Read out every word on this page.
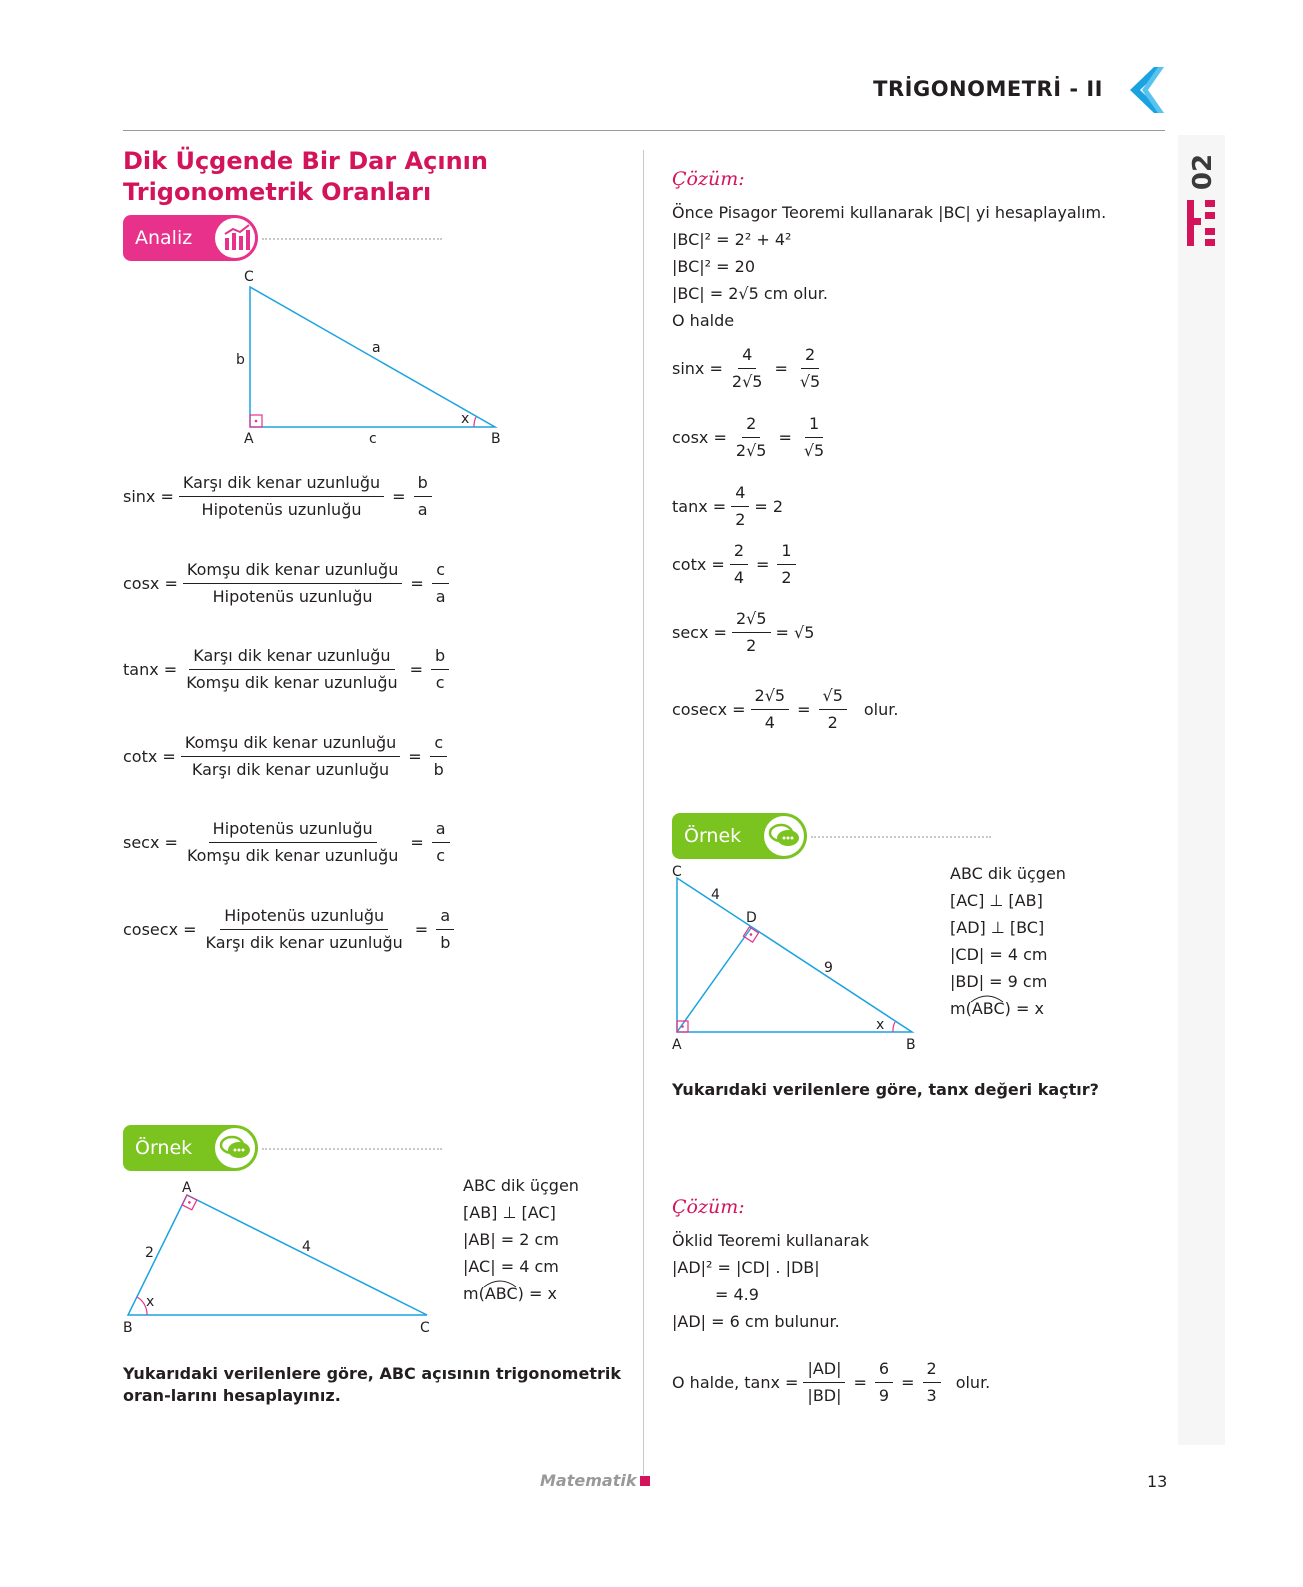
TRİGONOMETRİ - II
02
Dik Üçgende Bir Dar Açının Trigonometrik Oranları
Analiz
C
A	B
a
b
c
x
$\sin x = \frac{\text{Karşı dik kenar uzunluğu}}{\text{Hipotenüs uzunluğu}} = \frac{b}{a}$
$\cos x = \frac{\text{Komşu dik kenar uzunluğu}}{\text{Hipotenüs uzunluğu}} = \frac{c}{a}$
$\tan x = \frac{\text{Karşı dik kenar uzunluğu}}{\text{Komşu dik kenar uzunluğu}} = \frac{b}{c}$
$\cot x = \frac{\text{Komşu dik kenar uzunluğu}}{\text{Karşı dik kenar uzunluğu}} = \frac{c}{b}$
$\sec x = \frac{\text{Hipotenüs uzunluğu}}{\text{Komşu dik kenar uzunluğu}} = \frac{a}{c}$
$cosecx = \frac{\text{Hipotenüs uzunluğu}}{\text{Karşı dik kenar uzunluğu}} = \frac{a}{b}$
Örnek
A
B	C
2	4
x
ABC dik üçgen
[AB] ⊥ [AC]
|AB| = 2 cm
|AC| = 4 cm
m(ABC) = x
Yukarıdaki verilenlere göre, ABC açısının trigonometrik oran-larını hesaplayınız.
Çözüm:
Önce Pisagor Teoremi kullanarak |BC| yi hesaplayalım.
|BC|² = 2² + 4²
|BC|² = 20
|BC| = 2√5 cm olur.
O halde
$\sin x = \frac{4}{2√5} = \frac{2}{√5}$
$\cos x = \frac{2}{2√5} = \frac{1}{√5}$
$\tan x = \frac{4}{2} = 2$
$\cot x = \frac{2}{4} = \frac{1}{2}$
$\sec x = \frac{2√5}{2} = √5$
$cosecx = \frac{2√5}{4} = \frac{√5}{2}$ olur.
Örnek
C
A	B
D
4
9
x
ABC dik üçgen
[AC] ⊥ [AB]
[AD] ⊥ [BC]
|CD| = 4 cm
|BD| = 9 cm
m(ABC) = x
Yukarıdaki verilenlere göre, tanx değeri kaçtır?
Çözüm:
Öklid Teoremi kullanarak
|AD|² = |CD| . |DB|
= 4.9
|AD| = 6 cm bulunur.
O halde, $\tan x = \frac{|AD|}{|BD|} = \frac{6}{9} = \frac{2}{3}$ olur.
Matematik	13
